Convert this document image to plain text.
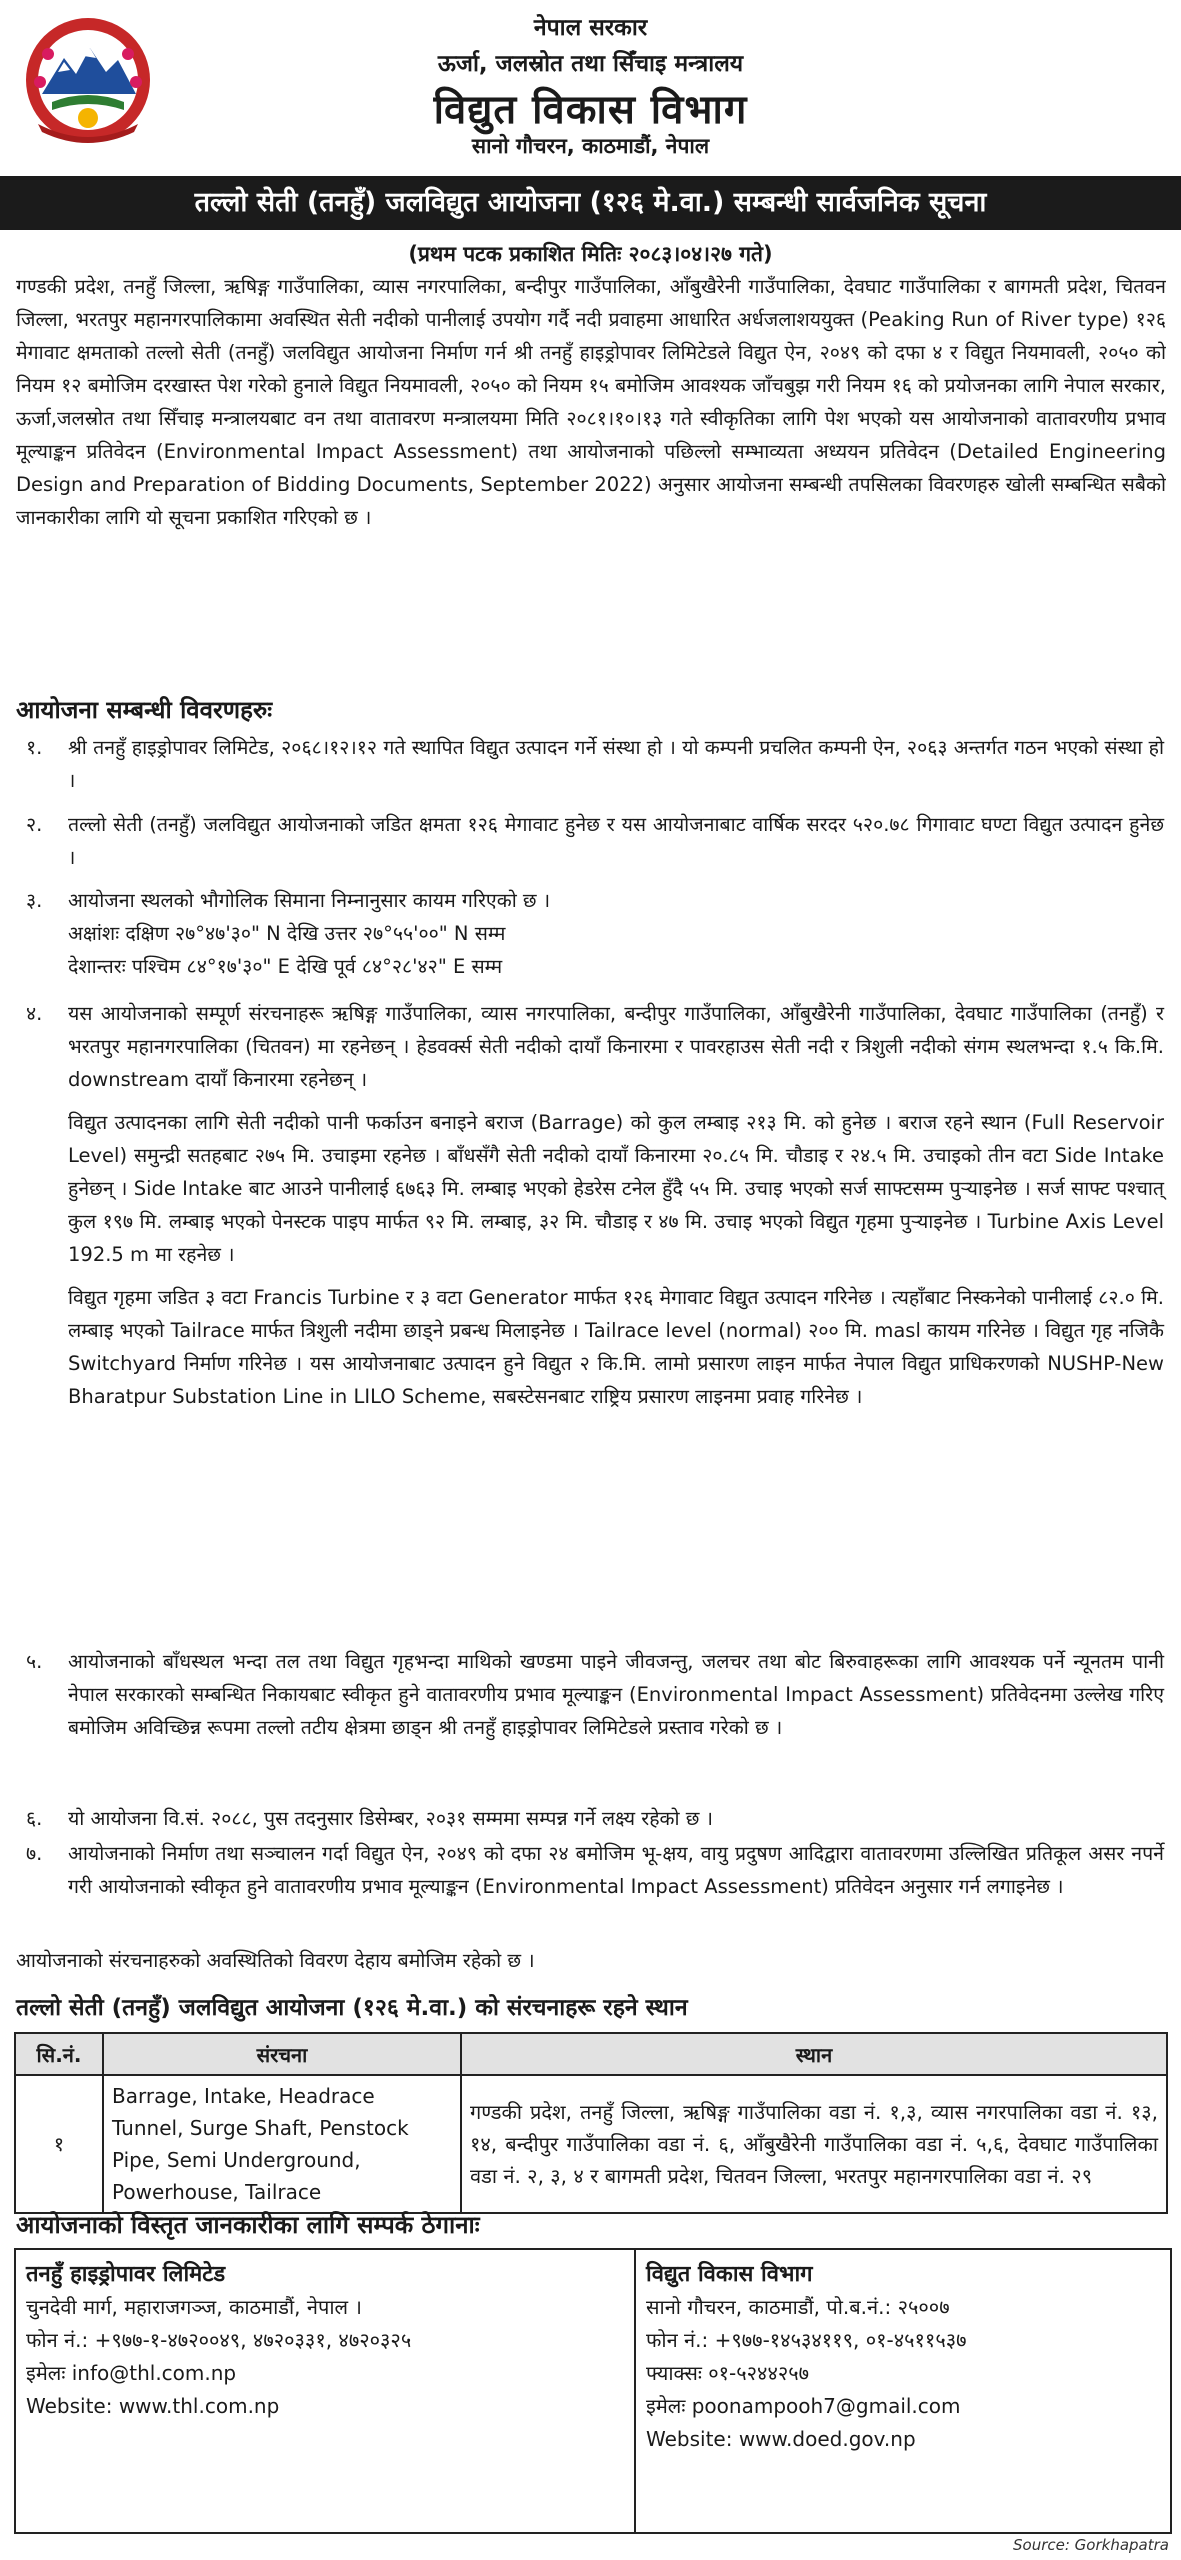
नेपाल सरकार
ऊर्जा, जलस्रोत तथा सिँचाइ मन्त्रालय
विद्युत विकास विभाग
सानो गौचरन, काठमाडौं, नेपाल
तल्लो सेती (तनहुँ) जलविद्युत आयोजना (१२६ मे.वा.) सम्बन्धी सार्वजनिक सूचना
(प्रथम पटक प्रकाशित मितिः २०८३।०४।२७ गते)
गण्डकी प्रदेश, तनहुँ जिल्ला, ऋषिङ्ग गाउँपालिका, व्यास नगरपालिका, बन्दीपुर गाउँपालिका, आँबुखैरेनी गाउँपालिका, देवघाट गाउँपालिका र बागमती प्रदेश, चितवन जिल्ला, भरतपुर महानगरपालिकामा अवस्थित सेती नदीको पानीलाई उपयोग गर्दै नदी प्रवाहमा आधारित अर्धजलाशययुक्त (Peaking Run of River type) १२६ मेगावाट क्षमताको तल्लो सेती (तनहुँ) जलविद्युत आयोजना निर्माण गर्न श्री तनहुँ हाइड्रोपावर लिमिटेडले विद्युत ऐन, २०४९ को दफा ४ र विद्युत नियमावली, २०५० को नियम १२ बमोजिम दरखास्त पेश गरेको हुनाले विद्युत नियमावली, २०५० को नियम १५ बमोजिम आवश्यक जाँचबुझ गरी नियम १६ को प्रयोजनका लागि नेपाल सरकार, ऊर्जा,जलस्रोत तथा सिँचाइ मन्त्रालयबाट वन तथा वातावरण मन्त्रालयमा मिति २०८१।१०।१३ गते स्वीकृतिका लागि पेश भएको यस आयोजनाको वातावरणीय प्रभाव मूल्याङ्कन प्रतिवेदन (Environmental Impact Assessment) तथा आयोजनाको पछिल्लो सम्भाव्यता अध्ययन प्रतिवेदन (Detailed Engineering Design and Preparation of Bidding Documents, September 2022) अनुसार आयोजना सम्बन्धी तपसिलका विवरणहरु खोली सम्बन्धित सबैको जानकारीका लागि यो सूचना प्रकाशित गरिएको छ ।
आयोजना सम्बन्धी विवरणहरुः
१.	श्री तनहुँ हाइड्रोपावर लिमिटेड, २०६८।१२।१२ गते स्थापित विद्युत उत्पादन गर्ने संस्था हो । यो कम्पनी प्रचलित कम्पनी ऐन, २०६३ अन्तर्गत गठन भएको संस्था हो ।
२.	तल्लो सेती (तनहुँ) जलविद्युत आयोजनाको जडित क्षमता १२६ मेगावाट हुनेछ र यस आयोजनाबाट वार्षिक सरदर ५२०.७८ गिगावाट घण्टा विद्युत उत्पादन हुनेछ ।
३.	आयोजना स्थलको भौगोलिक सिमाना निम्नानुसार कायम गरिएको छ ।
अक्षांशः दक्षिण २७°४७'३०" N देखि उत्तर २७°५५'००" N सम्म
देशान्तरः पश्चिम ८४°१७'३०" E देखि पूर्व ८४°२८'४२" E सम्म
४.	यस आयोजनाको सम्पूर्ण संरचनाहरू ऋषिङ्ग गाउँपालिका, व्यास नगरपालिका, बन्दीपुर गाउँपालिका, आँबुखैरेनी गाउँपालिका, देवघाट गाउँपालिका (तनहुँ) र भरतपुर महानगरपालिका (चितवन) मा रहनेछन् । हेडवर्क्स सेती नदीको दायाँ किनारमा र पावरहाउस सेती नदी र त्रिशुली नदीको संगम स्थलभन्दा १.५ कि.मि. downstream दायाँ किनारमा रहनेछन् ।

विद्युत उत्पादनका लागि सेती नदीको पानी फर्काउन बनाइने बराज (Barrage) को कुल लम्बाइ २१३ मि. को हुनेछ । बराज रहने स्थान (Full Reservoir Level) समुन्द्री सतहबाट २७५ मि. उचाइमा रहनेछ । बाँधसँगै सेती नदीको दायाँ किनारमा २०.८५ मि. चौडाइ र २४.५ मि. उचाइको तीन वटा Side Intake हुनेछन् । Side Intake बाट आउने पानीलाई ६७६३ मि. लम्बाइ भएको हेडरेस टनेल हुँदै ५५ मि. उचाइ भएको सर्ज साफ्टसम्म पुऱ्याइनेछ । सर्ज साफ्ट पश्चात् कुल १९७ मि. लम्बाइ भएको पेनस्टक पाइप मार्फत ९२ मि. लम्बाइ, ३२ मि. चौडाइ र ४७ मि. उचाइ भएको विद्युत गृहमा पुऱ्याइनेछ । Turbine Axis Level 192.5 m मा रहनेछ ।

विद्युत गृहमा जडित ३ वटा Francis Turbine र ३ वटा Generator मार्फत १२६ मेगावाट विद्युत उत्पादन गरिनेछ । त्यहाँबाट निस्कनेको पानीलाई ८२.० मि. लम्बाइ भएको Tailrace मार्फत त्रिशुली नदीमा छाड्ने प्रबन्ध मिलाइनेछ । Tailrace level (normal) २०० मि. masl कायम गरिनेछ । विद्युत गृह नजिकै Switchyard निर्माण गरिनेछ । यस आयोजनाबाट उत्पादन हुने विद्युत २ कि.मि. लामो प्रसारण लाइन मार्फत नेपाल विद्युत प्राधिकरणको NUSHP-New Bharatpur Substation Line in LILO Scheme, सबस्टेसनबाट राष्ट्रिय प्रसारण लाइनमा प्रवाह गरिनेछ ।

५.	आयोजनाको बाँधस्थल भन्दा तल तथा विद्युत गृहभन्दा माथिको खण्डमा पाइने जीवजन्तु, जलचर तथा बोट बिरुवाहरूका लागि आवश्यक पर्ने न्यूनतम पानी नेपाल सरकारको सम्बन्धित निकायबाट स्वीकृत हुने वातावरणीय प्रभाव मूल्याङ्कन (Environmental Impact Assessment) प्रतिवेदनमा उल्लेख गरिए बमोजिम अविच्छिन्न रूपमा तल्लो तटीय क्षेत्रमा छाड्न श्री तनहुँ हाइड्रोपावर लिमिटेडले प्रस्ताव गरेको छ ।
६.	यो आयोजना वि.सं. २०८८, पुस तदनुसार डिसेम्बर, २०३१ सम्ममा सम्पन्न गर्ने लक्ष्य रहेको छ ।
७.	आयोजनाको निर्माण तथा सञ्चालन गर्दा विद्युत ऐन, २०४९ को दफा २४ बमोजिम भू-क्षय, वायु प्रदुषण आदिद्वारा वातावरणमा उल्लिखित प्रतिकूल असर नपर्ने गरी आयोजनाको स्वीकृत हुने वातावरणीय प्रभाव मूल्याङ्कन (Environmental Impact Assessment) प्रतिवेदन अनुसार गर्न लगाइनेछ ।
आयोजनाको संरचनाहरुको अवस्थितिको विवरण देहाय बमोजिम रहेको छ ।
तल्लो सेती (तनहुँ) जलविद्युत आयोजना (१२६ मे.वा.) को संरचनाहरू रहने स्थान
सि.नं.	संरचना	स्थान
१	Barrage, Intake, Headrace Tunnel, Surge Shaft, Penstock Pipe, Semi Underground, Powerhouse, Tailrace	गण्डकी प्रदेश, तनहुँ जिल्ला, ऋषिङ्ग गाउँपालिका वडा नं. १,३, व्यास नगरपालिका वडा नं. १३, १४, बन्दीपुर गाउँपालिका वडा नं. ६, आँबुखैरेनी गाउँपालिका वडा नं. ५,६, देवघाट गाउँपालिका वडा नं. २, ३, ४ र बागमती प्रदेश, चितवन जिल्ला, भरतपुर महानगरपालिका वडा नं. २९
आयोजनाको विस्तृत जानकारीका लागि सम्पर्क ठेगानाः
तनहुँ हाइड्रोपावर लिमिटेड
चुनदेवी मार्ग, महाराजगञ्ज, काठमाडौं, नेपाल ।
फोन नं.: +९७७-१-४७२००४९, ४७२०३३१, ४७२०३२५
इमेलः info@thl.com.np
Website: www.thl.com.np
विद्युत विकास विभाग
सानो गौचरन, काठमाडौं, पो.ब.नं.: २५००७
फोन नं.: +९७७-१४५३४११९, ०१-४५११५३७
फ्याक्सः ०१-५२४४२५७
इमेलः poonampooh7@gmail.com
Website: www.doed.gov.np
Source: Gorkhapatra
